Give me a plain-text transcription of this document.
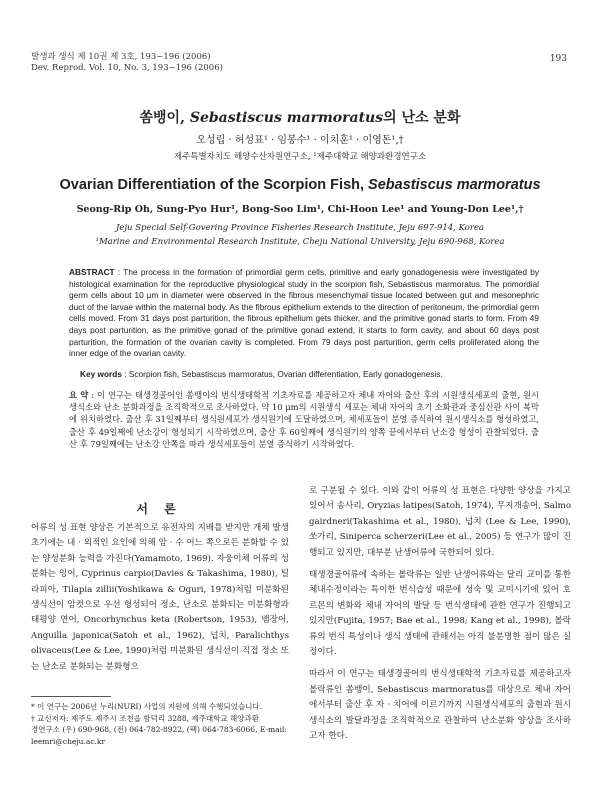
발생과 생식 제 10권 제 3호, 193~196 (2006)
Dev. Reprod. Vol. 10, No. 3, 193~196 (2006)
193
쏨뱅이, Sebastiscus marmoratus의 난소 분화
오성립 · 허성표¹ · 임봉수¹ · 이치훈¹ · 이영돈¹,†
제주특별자치도 해양수산자원연구소, ¹제주대학교 해양과환경연구소
Ovarian Differentiation of the Scorpion Fish, Sebastiscus marmoratus
Seong-Rip Oh, Sung-Pyo Hur¹, Bong-Soo Lim¹, Chi-Hoon Lee¹ and Young-Don Lee¹,†
Jeju Special Self-Govering Province Fisheries Research Institute, Jeju 697-914, Korea
¹Marine and Environmental Research Institute, Cheju National University, Jeju 690-968, Korea
ABSTRACT : The process in the formation of primordial germ cells, primitive and early gonadogenesis were investigated by histological examination for the reproductive physiological study in the scorpion fish, Sebastiscus marmoratus. The primordial germ cells about 10 μm in diameter were observed in the fibrous mesenchymal tissue located between gut and mesonephric duct of the larvae within the maternal body. As the fibrous epithelium extends to the direction of peritoneum, the primordial germ cells moved. From 31 days post parturition, the fibrous epithelium gets thicker, and the primitive gonad starts to form. From 49 days post parturition, as the primitive gonad of the primitive gonad extend, it starts to form cavity, and about 60 days post parturition, the formation of the ovarian cavity is completed. From 79 days post parturition, germ cells proliferated along the inner edge of the ovarian cavity.
Key words : Scorpion fish, Sebastiscus marmoratus, Ovarian differentiation, Early gonadogenesis.
요 약 : 이 연구는 태생경골어인 쏨뱅이의 번식생태학적 기초자료를 제공하고자 체내 자어와 출산 후의 시원생식세포의 출현, 원시 생식소와 난소 분화과정을 조직학적으로 조사하였다. 약 10 μm의 시원생식 세포는 체내 자어의 초기 소화관과 중심신관 사이 복막에 위치하였다. 출산 후 31일째부터 생식원세포가 생식원기에 도달하였으며, 체세포들이 분열 증식하여 원시생식소를 형성하였고, 출산 후 49일째에 난소강이 형성되기 시작하였으며, 출산 후 60일째에 생식원기의 양쪽 끝에서부터 난소강 형성이 관찰되었다. 출산 후 79일째에는 난소강 안쪽을 따라 생식세포들이 분열 증식하기 시작하였다.
서 론

어류의 성 표현 양상은 기본적으로 유전자의 지배를 받지만 개체 발생 초기에는 내 · 외적인 요인에 의해 암 · 수 어느 쪽으로든 분화할 수 있는 양성분화 능력을 가진다(Yamamoto, 1969). 자웅이체 어류의 성분화는 잉어, Cyprinus carpio(Davies & Takashima, 1980), 틸라피아, Tilapia zillii(Yoshikawa & Oguri, 1978)처럼 미분화된 생식선이 암컷으로 우선 형성되어 정소, 난소로 분화되는 미분화형과 태평양 연어, Oncorhynchus keta (Robertson, 1953), 뱀장어, Anguilla japonica(Satoh et al., 1962), 넙치, Paralichthys olivaceus(Lee & Lee, 1990)처럼 미분화된 생식선이 직접 정소 또는 난소로 분화되는 분화형으

로 구분될 수 있다. 이와 같이 어류의 성 표현은 다양한 양상을 가지고 있어서 송사리, Oryzias latipes(Satoh, 1974), 무지개송어, Salmo gairdneri(Takashima et al., 1980), 넙치 (Lee & Lee, 1990), 쏘가리, Siniperca scherzeri(Lee et al., 2005) 등 연구가 많이 진행되고 있지만, 대부분 난생어류에 국한되어 있다.

태생경골어류에 속하는 볼락류는 일반 난생어류와는 달리 교미를 통한 체내수정이라는 특이한 번식습성 때문에 성숙 및 교미시기에 있어 호르몬의 변화와 체내 자어의 발달 등 번식생태에 관한 연구가 진행되고 있지만(Fujita, 1957; Bae et al., 1998; Kang et al., 1998), 볼락류의 번식 특성이나 생식 생태에 관해서는 아직 불분명한 점이 많은 실정이다.

따라서 이 연구는 태생경골어의 번식생태학적 기초자료를 제공하고자 볼락류인 쏨뱅이, Sebastiscus marmoratus를 대상으로 체내 자어에서부터 출산 후 자 · 치어에 이르기까지 시원생식세포의 출현과 원시생식소의 발달과정을 조직학적으로 관찰하여 난소분화 양상을 조사하고자 한다.

* 이 연구는 2006년 누리(NURI) 사업의 지원에 의해 수행되었습니다.
† 교신저자: 제주도 제주시 조천읍 함덕리 3288, 제주대학교 해양과환
경연구소 (우) 690-968, (전) 064-782-8922, (팩) 064-783-6066, E-mail:
leemri@cheju.ac.kr
